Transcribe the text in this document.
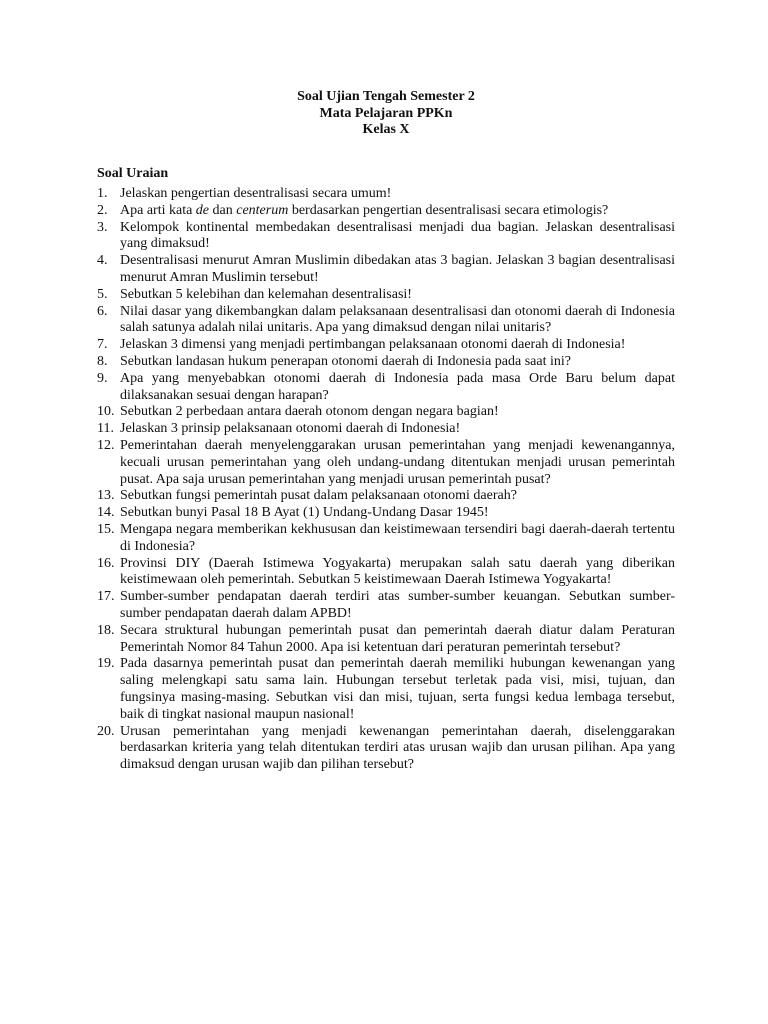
Soal Ujian Tengah Semester 2
Mata Pelajaran PPKn
Kelas X
Soal Uraian
1. Jelaskan pengertian desentralisasi secara umum!
2. Apa arti kata de dan centerum berdasarkan pengertian desentralisasi secara etimologis?
3. Kelompok kontinental membedakan desentralisasi menjadi dua bagian. Jelaskan desentralisasi yang dimaksud!
4. Desentralisasi menurut Amran Muslimin dibedakan atas 3 bagian. Jelaskan 3 bagian desentralisasi menurut Amran Muslimin tersebut!
5. Sebutkan 5 kelebihan dan kelemahan desentralisasi!
6. Nilai dasar yang dikembangkan dalam pelaksanaan desentralisasi dan otonomi daerah di Indonesia salah satunya adalah nilai unitaris. Apa yang dimaksud dengan nilai unitaris?
7. Jelaskan 3 dimensi yang menjadi pertimbangan pelaksanaan otonomi daerah di Indonesia!
8. Sebutkan landasan hukum penerapan otonomi daerah di Indonesia pada saat ini?
9. Apa yang menyebabkan otonomi daerah di Indonesia pada masa Orde Baru belum dapat dilaksanakan sesuai dengan harapan?
10. Sebutkan 2 perbedaan antara daerah otonom dengan negara bagian!
11. Jelaskan 3 prinsip pelaksanaan otonomi daerah di Indonesia!
12. Pemerintahan daerah menyelenggarakan urusan pemerintahan yang menjadi kewenangannya, kecuali urusan pemerintahan yang oleh undang-undang ditentukan menjadi urusan pemerintah pusat. Apa saja urusan pemerintahan yang menjadi urusan pemerintah pusat?
13. Sebutkan fungsi pemerintah pusat dalam pelaksanaan otonomi daerah?
14. Sebutkan bunyi Pasal 18 B Ayat (1) Undang-Undang Dasar 1945!
15. Mengapa negara memberikan kekhususan dan keistimewaan tersendiri bagi daerah-daerah tertentu di Indonesia?
16. Provinsi DIY (Daerah Istimewa Yogyakarta) merupakan salah satu daerah yang diberikan keistimewaan oleh pemerintah. Sebutkan 5 keistimewaan Daerah Istimewa Yogyakarta!
17. Sumber-sumber pendapatan daerah terdiri atas sumber-sumber keuangan. Sebutkan sumber-sumber pendapatan daerah dalam APBD!
18. Secara struktural hubungan pemerintah pusat dan pemerintah daerah diatur dalam Peraturan Pemerintah Nomor 84 Tahun 2000. Apa isi ketentuan dari peraturan pemerintah tersebut?
19. Pada dasarnya pemerintah pusat dan pemerintah daerah memiliki hubungan kewenangan yang saling melengkapi satu sama lain. Hubungan tersebut terletak pada visi, misi, tujuan, dan fungsinya masing-masing. Sebutkan visi dan misi, tujuan, serta fungsi kedua lembaga tersebut, baik di tingkat nasional maupun nasional!
20. Urusan pemerintahan yang menjadi kewenangan pemerintahan daerah, diselenggarakan berdasarkan kriteria yang telah ditentukan terdiri atas urusan wajib dan urusan pilihan. Apa yang dimaksud dengan urusan wajib dan pilihan tersebut?
